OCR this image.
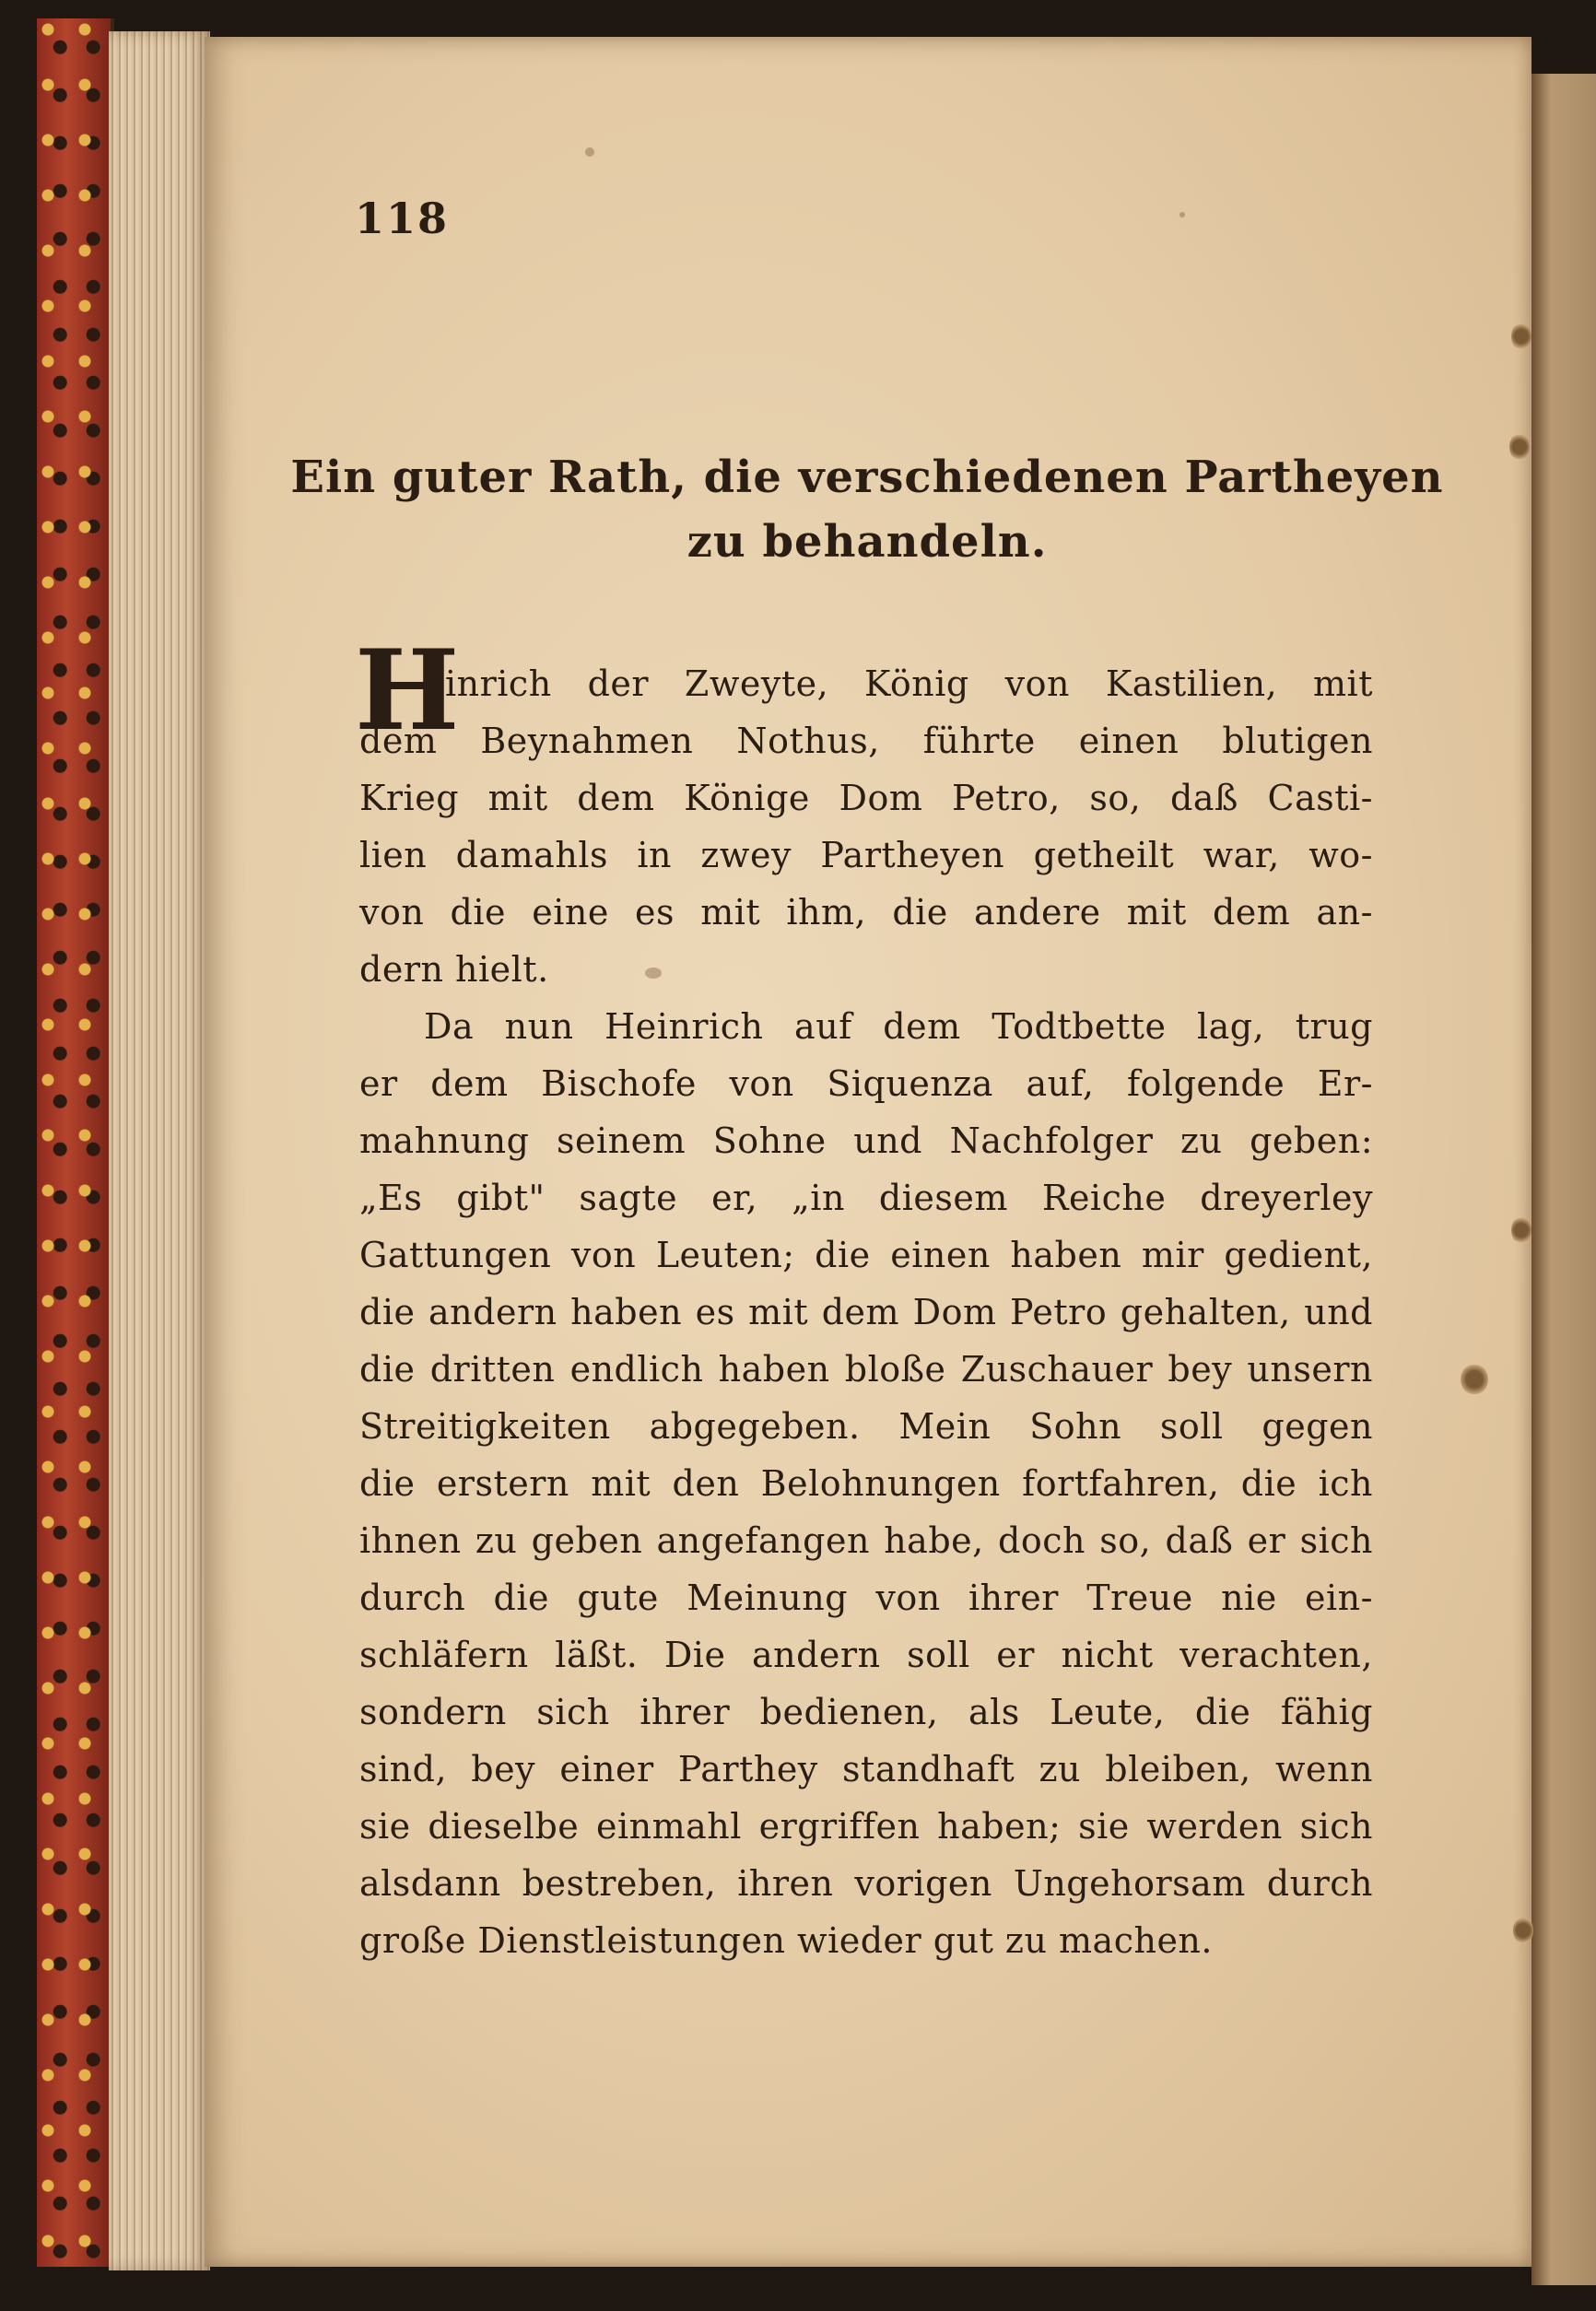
118
Ein guter Rath, die verschiedenen Partheyen
zu behandeln.
H
einrich der Zweyte, König von Kastilien, mit
dem Beynahmen Nothus, führte einen blutigen
Krieg mit dem Könige Dom Petro, so, daß Casti-
lien damahls in zwey Partheyen getheilt war, wo-
von die eine es mit ihm, die andere mit dem an-
dern hielt.
Da nun Heinrich auf dem Todtbette lag, trug
er dem Bischofe von Siquenza auf, folgende Er-
mahnung seinem Sohne und Nachfolger zu geben:
„Es gibt" sagte er, „in diesem Reiche dreyerley
Gattungen von Leuten; die einen haben mir gedient,
die andern haben es mit dem Dom Petro gehalten, und
die dritten endlich haben bloße Zuschauer bey unsern
Streitigkeiten abgegeben. Mein Sohn soll gegen
die erstern mit den Belohnungen fortfahren, die ich
ihnen zu geben angefangen habe, doch so, daß er sich
durch die gute Meinung von ihrer Treue nie ein-
schläfern läßt. Die andern soll er nicht verachten,
sondern sich ihrer bedienen, als Leute, die fähig
sind, bey einer Parthey standhaft zu bleiben, wenn
sie dieselbe einmahl ergriffen haben; sie werden sich
alsdann bestreben, ihren vorigen Ungehorsam durch
große Dienstleistungen wieder gut zu machen.
